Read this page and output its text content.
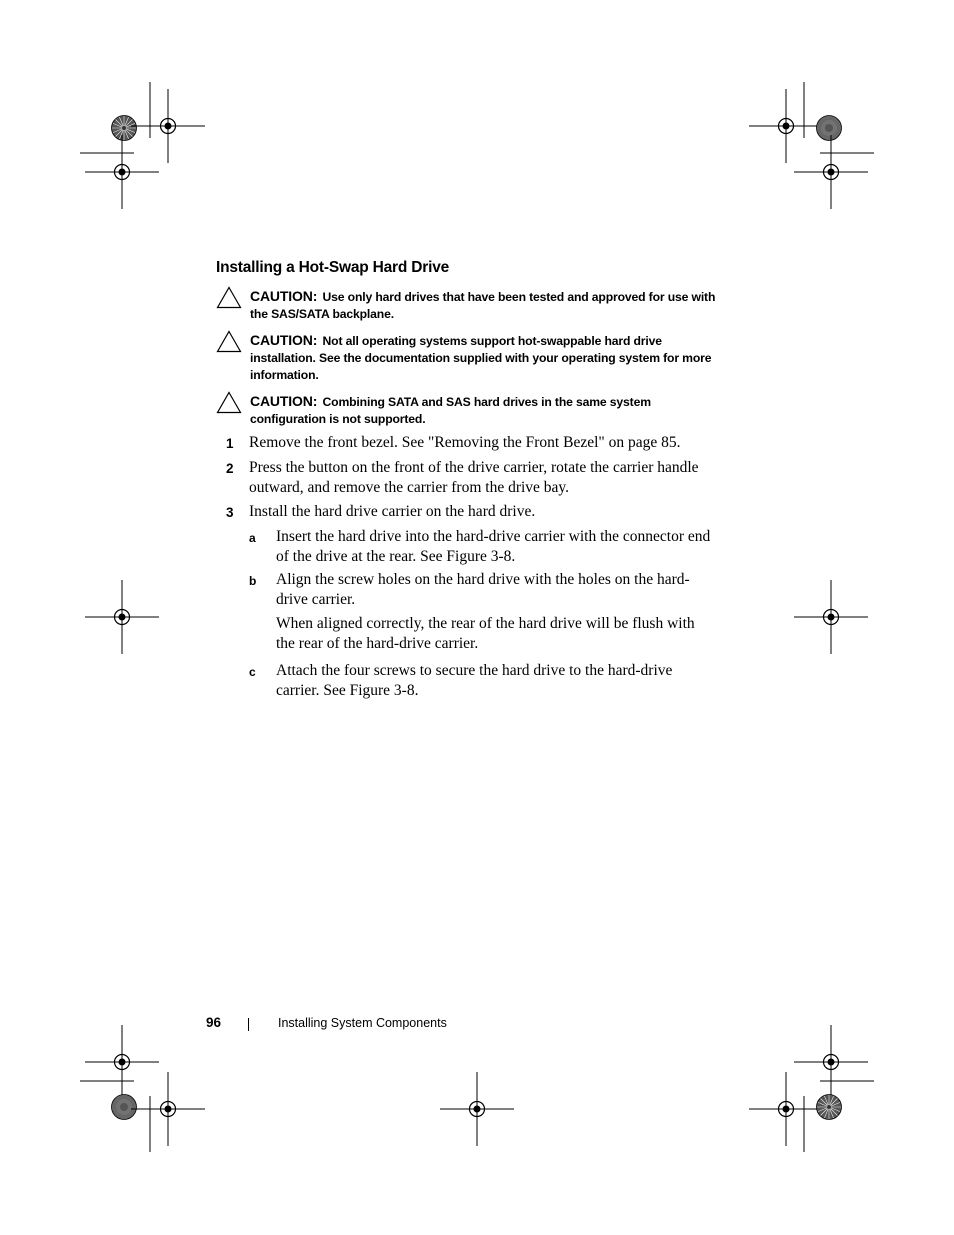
Installing a Hot-Swap Hard Drive
CAUTION: Use only hard drives that have been tested and approved for use with the SAS/SATA backplane.
CAUTION: Not all operating systems support hot-swappable hard drive installation. See the documentation supplied with your operating system for more information.
CAUTION: Combining SATA and SAS hard drives in the same system configuration is not supported.
1 Remove the front bezel. See "Removing the Front Bezel" on page 85.
2 Press the button on the front of the drive carrier, rotate the carrier handle outward, and remove the carrier from the drive bay.
3 Install the hard drive carrier on the hard drive.
a Insert the hard drive into the hard-drive carrier with the connector end of the drive at the rear. See Figure 3-8.
b Align the screw holes on the hard drive with the holes on the hard-drive carrier.
When aligned correctly, the rear of the hard drive will be flush with the rear of the hard-drive carrier.
c Attach the four screws to secure the hard drive to the hard-drive carrier. See Figure 3-8.
96	Installing System Components
